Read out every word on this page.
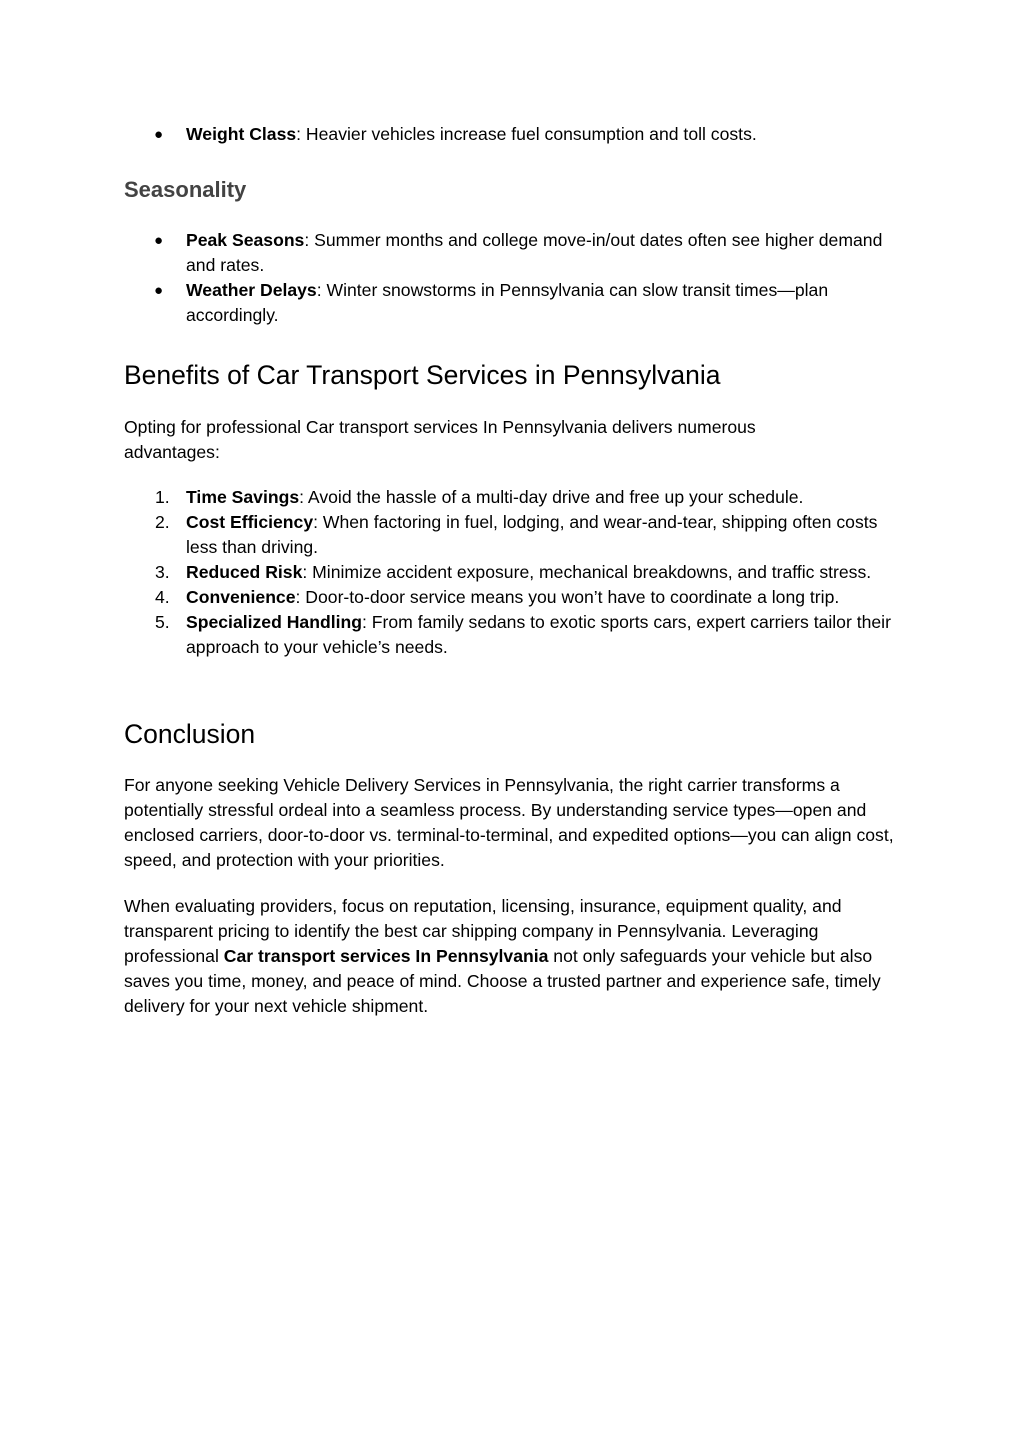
● Weight Class: Heavier vehicles increase fuel consumption and toll costs.
Seasonality
● Peak Seasons: Summer months and college move‑in/out dates often see higher demand and rates.
● Weather Delays: Winter snowstorms in Pennsylvania can slow transit times—plan accordingly.
Benefits of Car Transport Services in Pennsylvania

Opting for professional Car transport services In Pennsylvania delivers numerous advantages:

1. Time Savings: Avoid the hassle of a multi‑day drive and free up your schedule.
2. Cost Efficiency: When factoring in fuel, lodging, and wear‑and‑tear, shipping often costs less than driving.
3. Reduced Risk: Minimize accident exposure, mechanical breakdowns, and traffic stress.
4. Convenience: Door‑to‑door service means you won’t have to coordinate a long trip.
5. Specialized Handling: From family sedans to exotic sports cars, expert carriers tailor their approach to your vehicle’s needs.
Conclusion

For anyone seeking Vehicle Delivery Services in Pennsylvania, the right carrier transforms a potentially stressful ordeal into a seamless process. By understanding service types—open and enclosed carriers, door‑to‑door vs. terminal‑to‑terminal, and expedited options—you can align cost, speed, and protection with your priorities.

When evaluating providers, focus on reputation, licensing, insurance, equipment quality, and transparent pricing to identify the best car shipping company in Pennsylvania. Leveraging professional Car transport services In Pennsylvania not only safeguards your vehicle but also saves you time, money, and peace of mind. Choose a trusted partner and experience safe, timely delivery for your next vehicle shipment.
